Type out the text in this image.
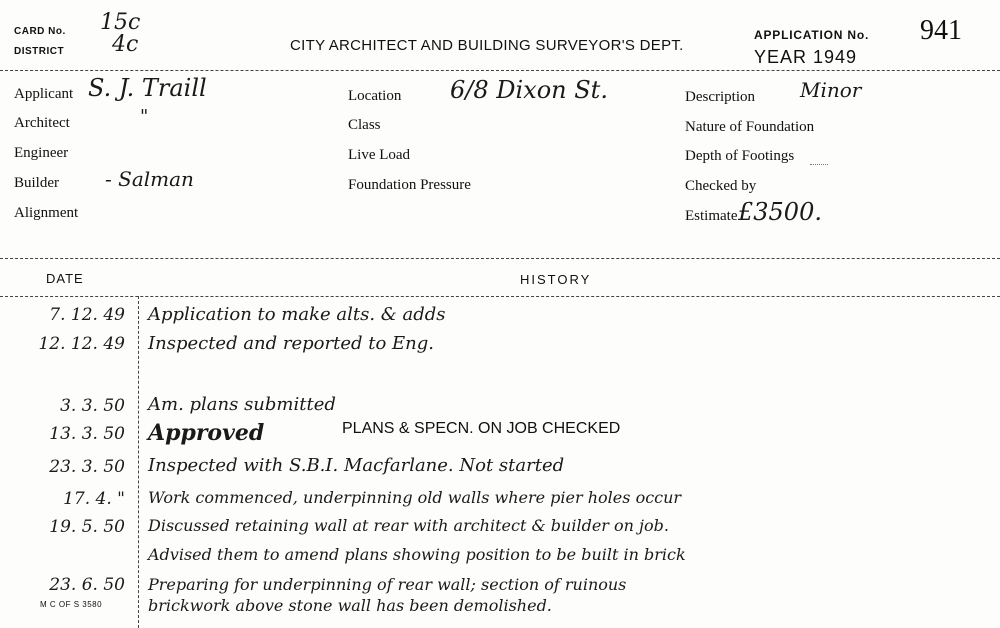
CARD No. 15c
DISTRICT 4c	CITY ARCHITECT AND BUILDING SURVEYOR'S DEPT.
APPLICATION No.
YEAR 1949
941
Applicant S. J. Traill
Architect	"
Engineer
Builder - Salman
Alignment
Location 6/8 Dixon St.
Class
Live Load
Foundation Pressure
Description Minor
Nature of Foundation
Depth of Footings
Checked by
Estimate £3500.
DATE	HISTORY
7. 12. 49 Application to make alts. & adds
12. 12. 49 Inspected and reported to Eng.
3. 3. 50 Am. plans submitted
13. 3. 50 Approved	PLANS & SPECN. ON JOB CHECKED
23. 3. 50 Inspected with S.B.I. Macfarlane. Not started
17. 4. " Work commenced, underpinning old walls where pier holes occur
19. 5. 50 Discussed retaining wall at rear with architect & builder on job.
Advised them to amend plans showing position to be built in brick
23. 6. 50 Preparing for underpinning of rear wall; section of ruinous
brickwork above stone wall has been demolished.
M C OF S 3580
